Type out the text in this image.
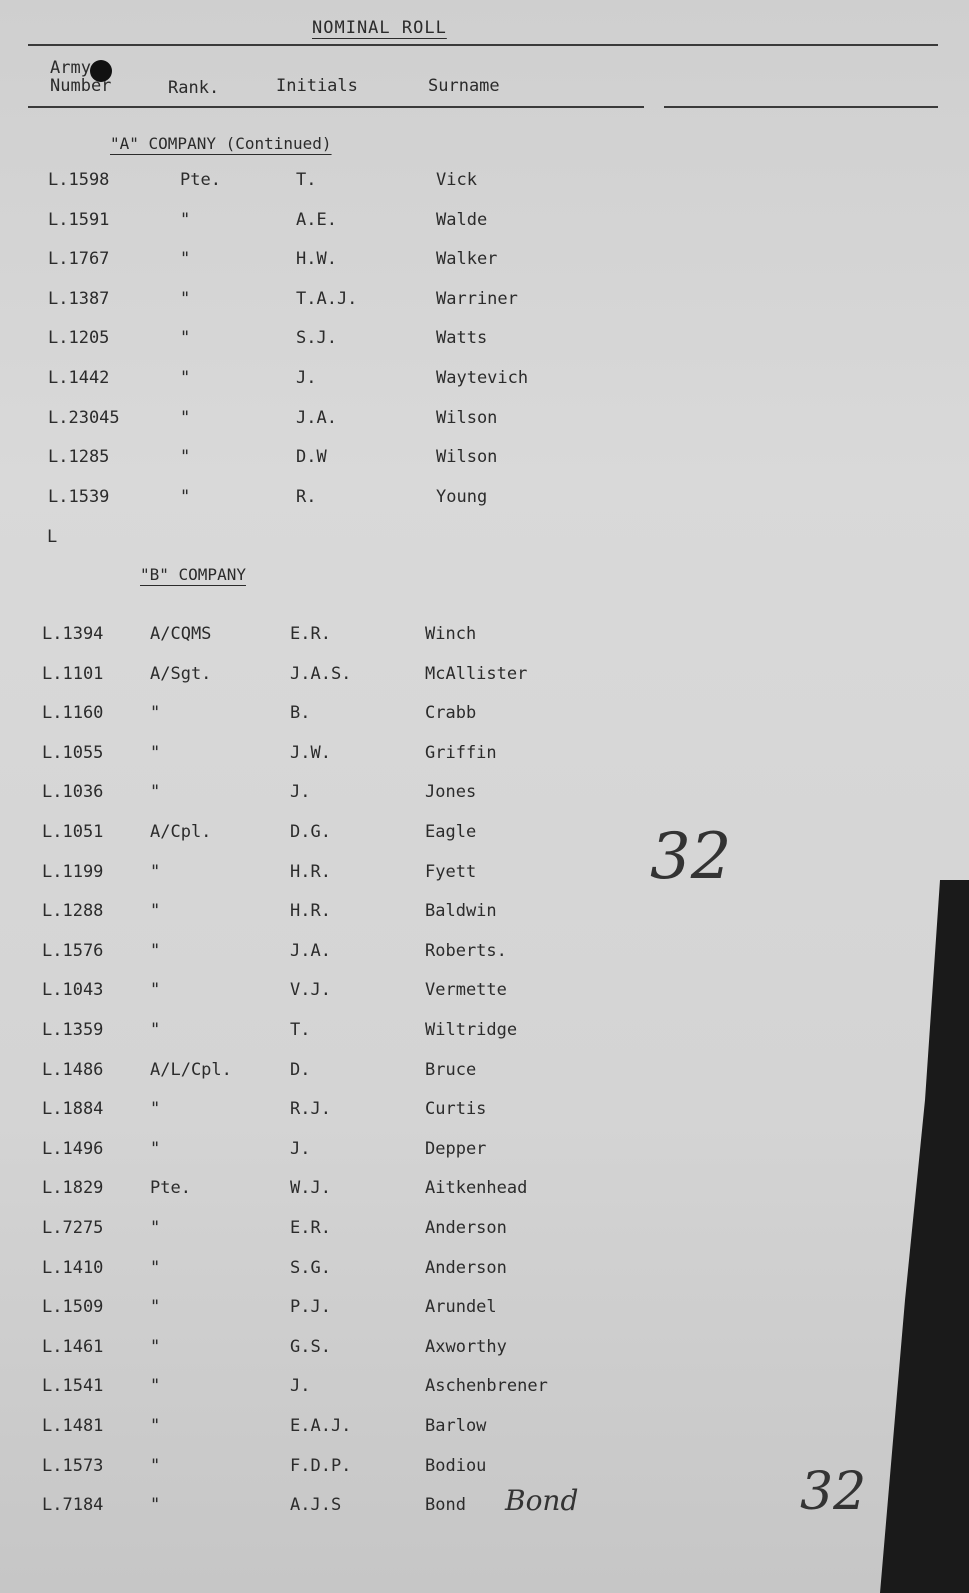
NOMINAL ROLL
Army
Number	Rank.	Initials	Surname
"A" COMPANY (Continued)
L.1598	Pte.	T.	Vick
L.1591	"	A.E.	Walde
L.1767	"	H.W.	Walker
L.1387	"	T.A.J.	Warriner
L.1205	"	S.J.	Watts
L.1442	"	J.	Waytevich
L.23045	"	J.A.	Wilson
L.1285	"	D.W	Wilson
L.1539	"	R.	Young
L
"B" COMPANY
L.1394	A/CQMS	E.R.	Winch
L.1101	A/Sgt.	J.A.S.	McAllister
L.1160	"	B.	Crabb
L.1055	"	J.W.	Griffin
L.1036	"	J.	Jones
L.1051	A/Cpl.	D.G.	Eagle
L.1199	"	H.R.	Fyett
L.1288	"	H.R.	Baldwin
L.1576	"	J.A.	Roberts.
L.1043	"	V.J.	Vermette
L.1359	"	T.	Wiltridge
L.1486	A/L/Cpl.	D.	Bruce
L.1884	"	R.J.	Curtis
L.1496	"	J.	Depper
L.1829	Pte.	W.J.	Aitkenhead
L.7275	"	E.R.	Anderson
L.1410	"	S.G.	Anderson
L.1509	"	P.J.	Arundel
L.1461	"	G.S.	Axworthy
L.1541	"	J.	Aschenbrener
L.1481	"	E.A.J.	Barlow
L.1573	"	F.D.P.	Bodiou
L.7184	"	A.J.S	Bond
32
Bond	32
